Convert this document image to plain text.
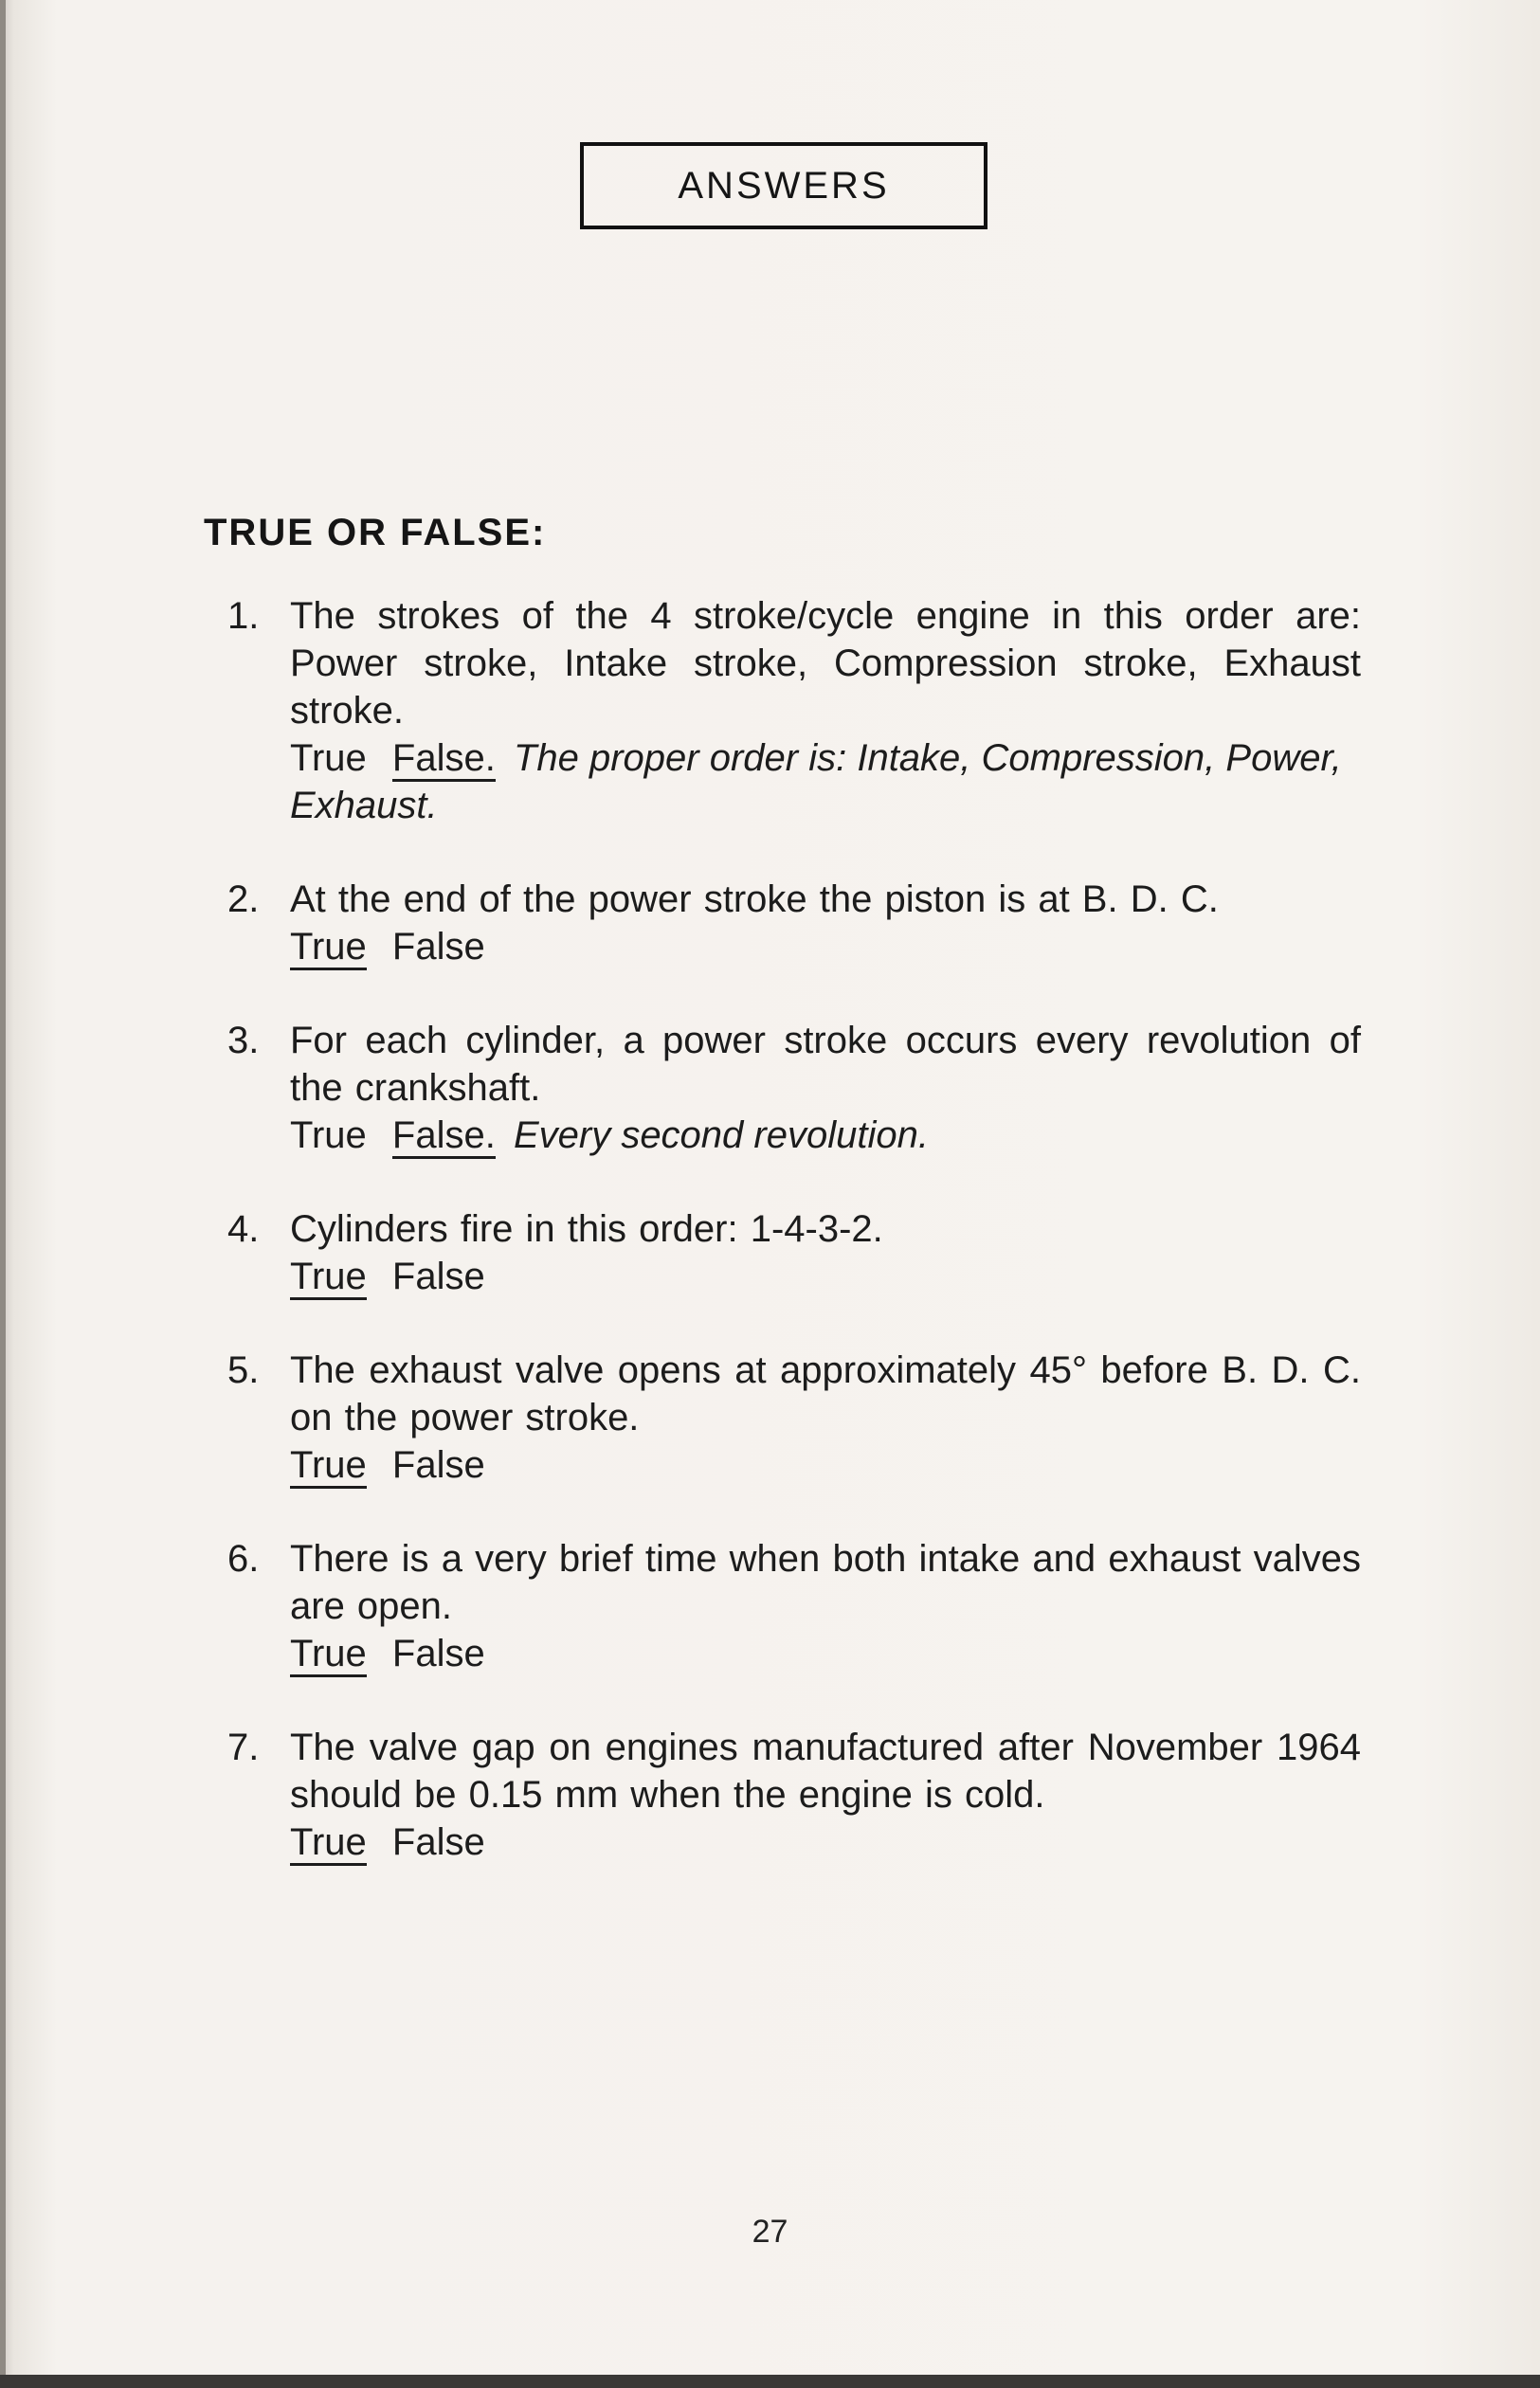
ANSWERS
TRUE OR FALSE:
1. The strokes of the 4 stroke/cycle engine in this order are: Power stroke, Intake stroke, Compression stroke, Exhaust stroke.
True False. The proper order is: Intake, Compression, Power, Exhaust.
2. At the end of the power stroke the piston is at B. D. C.
True False
3. For each cylinder, a power stroke occurs every revolution of the crankshaft.
True False. Every second revolution.
4. Cylinders fire in this order: 1-4-3-2.
True False
5. The exhaust valve opens at approximately 45° before B. D. C. on the power stroke.
True False
6. There is a very brief time when both intake and exhaust valves are open.
True False
7. The valve gap on engines manufactured after November 1964 should be 0.15 mm when the engine is cold.
True False
27
